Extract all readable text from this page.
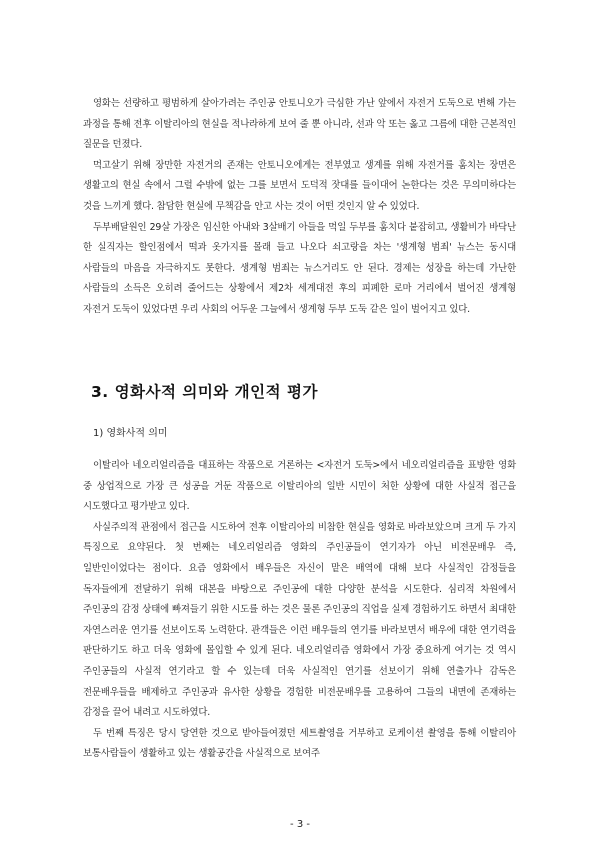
영화는 선량하고 평범하게 살아가려는 주인공 안토니오가 극심한 가난 앞에서 자전거 도둑으로 변해 가는 과정을 통해 전후 이탈리아의 현실을 적나라하게 보여 줄 뿐 아니라, 선과 악 또는 옳고 그름에 대한 근본적인 질문을 던졌다.

먹고살기 위해 장만한 자전거의 존재는 안토니오에게는 전부였고 생계를 위해 자전거를 훔치는 장면은 생활고의 현실 속에서 그럴 수밖에 없는 그를 보면서 도덕적 잣대를 들이대어 논한다는 것은 무의미하다는 것을 느끼게 했다. 참담한 현실에 무책감을 안고 사는 것이 어떤 것인지 알 수 있었다.

두부배달원인 29살 가장은 임신한 아내와 3살배기 아들을 먹일 두부를 훔치다 붙잡히고, 생활비가 바닥난 한 실직자는 할인점에서 떡과 옷가지를 몰래 들고 나오다 쇠고랑을 차는 '생계형 범죄' 뉴스는 동시대 사람들의 마음을 자극하지도 못한다. 생계형 범죄는 뉴스거리도 안 된다. 경제는 성장을 하는데 가난한 사람들의 소득은 오히려 줄어드는 상황에서 제2차 세계대전 후의 피폐한 로마 거리에서 벌어진 생계형 자전거 도둑이 있었다면 우리 사회의 어두운 그늘에서 생계형 두부 도둑 같은 일이 벌어지고 있다.

3. 영화사적 의미와 개인적 평가

1) 영화사적 의미

이탈리아 네오리얼리즘을 대표하는 작품으로 거론하는 <자전거 도둑>에서 네오리얼리즘을 표방한 영화 중 상업적으로 가장 큰 성공을 거둔 작품으로 이탈리아의 일반 시민이 처한 상황에 대한 사실적 접근을 시도했다고 평가받고 있다.

사실주의적 관점에서 접근을 시도하여 전후 이탈리아의 비참한 현실을 영화로 바라보았으며 크게 두 가지 특징으로 요약된다. 첫 번째는 네오리얼리즘 영화의 주인공들이 연기자가 아닌 비전문배우 즉, 일반인이었다는 점이다. 요즘 영화에서 배우들은 자신이 맡은 배역에 대해 보다 사실적인 감정들을 독자들에게 전달하기 위해 대본을 바탕으로 주인공에 대한 다양한 분석을 시도한다. 심리적 차원에서 주인공의 감정 상태에 빠져들기 위한 시도를 하는 것은 물론 주인공의 직업을 실제 경험하기도 하면서 최대한 자연스러운 연기를 선보이도록 노력한다. 관객들은 이런 배우들의 연기를 바라보면서 배우에 대한 연기력을 판단하기도 하고 더욱 영화에 몰입할 수 있게 된다. 네오리얼리즘 영화에서 가장 중요하게 여기는 것 역시 주인공들의 사실적 연기라고 할 수 있는데 더욱 사실적인 연기를 선보이기 위해 연출가나 감독은 전문배우들을 배제하고 주인공과 유사한 상황을 경험한 비전문배우를 고용하여 그들의 내면에 존재하는 감정을 끌어 내려고 시도하였다.

두 번째 특징은 당시 당연한 것으로 받아들여졌던 세트촬영을 거부하고 로케이션 촬영을 통해 이탈리아 보통사람들이 생활하고 있는 생활공간을 사실적으로 보여주

- 3 -
